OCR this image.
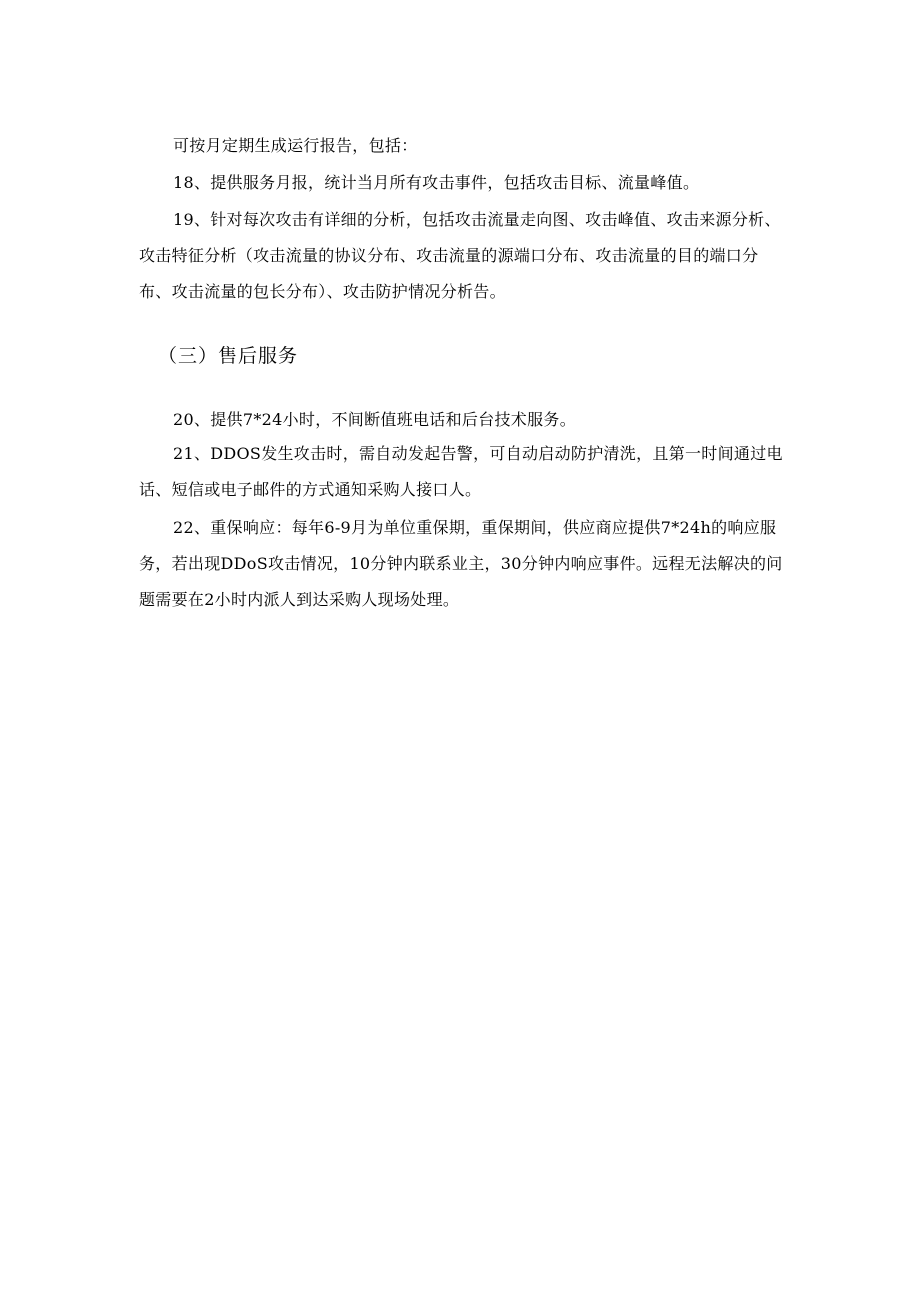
可按月定期生成运行报告，包括：

18、提供服务月报，统计当月所有攻击事件，包括攻击目标、流量峰值。

19、针对每次攻击有详细的分析，包括攻击流量走向图、攻击峰值、攻击来源分析、攻击特征分析（攻击流量的协议分布、攻击流量的源端口分布、攻击流量的目的端口分布、攻击流量的包长分布）、攻击防护情况分析告。

（三）售后服务

20、提供7*24小时，不间断值班电话和后台技术服务。

21、DDOS发生攻击时，需自动发起告警，可自动启动防护清洗，且第一时间通过电话、短信或电子邮件的方式通知采购人接口人。

22、重保响应：每年6-9月为单位重保期，重保期间，供应商应提供7*24h的响应服务，若出现DDoS攻击情况，10分钟内联系业主，30分钟内响应事件。远程无法解决的问题需要在2小时内派人到达采购人现场处理。
